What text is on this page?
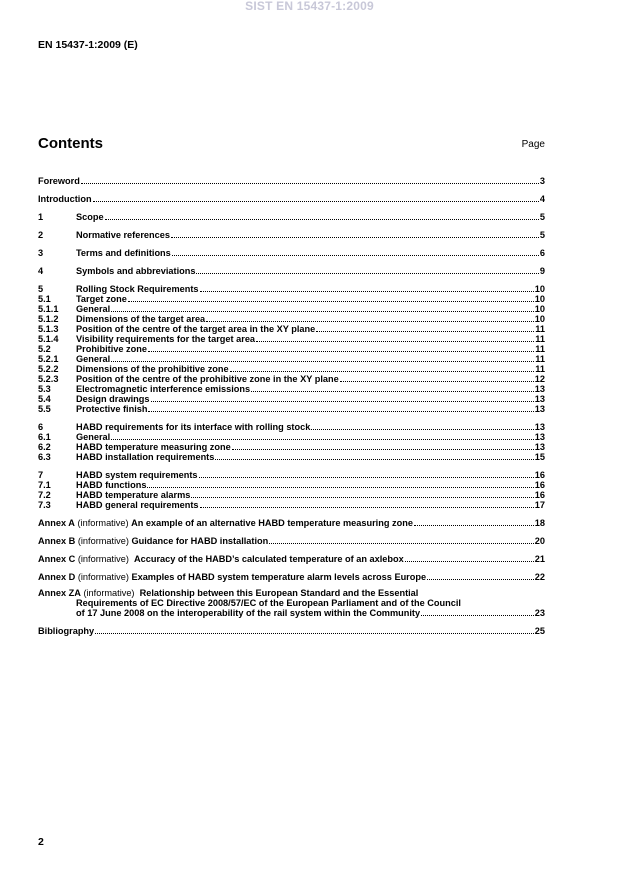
SIST EN 15437-1:2009
EN 15437-1:2009 (E)
Contents	Page
Foreword	3
Introduction	4
1	Scope	5
2	Normative references	5
3	Terms and definitions	6
4	Symbols and abbreviations	9
5	Rolling Stock Requirements	10
5.1	Target zone	10
5.1.1	General	10
5.1.2	Dimensions of the target area	10
5.1.3	Position of the centre of the target area in the XY plane	11
5.1.4	Visibility requirements for the target area	11
5.2	Prohibitive zone	11
5.2.1	General	11
5.2.2	Dimensions of the prohibitive zone	11
5.2.3	Position of the centre of the prohibitive zone in the XY plane	12
5.3	Electromagnetic interference emissions	13
5.4	Design drawings	13
5.5	Protective finish	13
6	HABD requirements for its interface with rolling stock	13
6.1	General	13
6.2	HABD temperature measuring zone	13
6.3	HABD installation requirements	15
7	HABD system requirements	16
7.1	HABD functions	16
7.2	HABD temperature alarms	16
7.3	HABD general requirements	17
Annex A (informative) An example of an alternative HABD temperature measuring zone	18
Annex B (informative) Guidance for HABD installation	20
Annex C (informative) Accuracy of the HABD’s calculated temperature of an axlebox	21
Annex D (informative) Examples of HABD system temperature alarm levels across Europe	22
Annex ZA (informative)  Relationship between this European Standard and the Essential
Requirements of EC Directive 2008/57/EC of the European Parliament and of the Council
of 17 June 2008 on the interoperability of the rail system within the Community	23
Bibliography	25
2
